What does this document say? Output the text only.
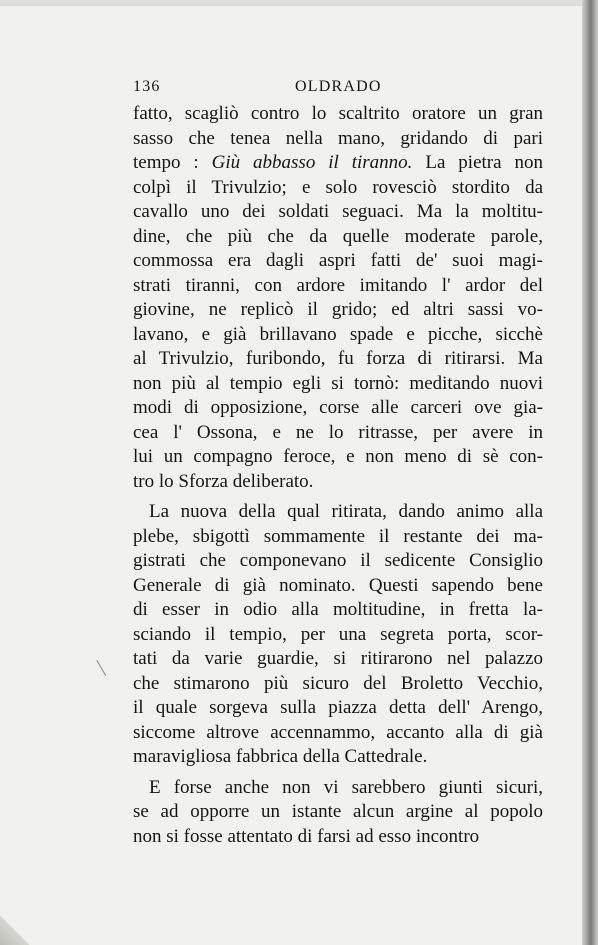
136	OLDRADO
fatto, scagliò contro lo scaltrito oratore un gran
sasso che tenea nella mano, gridando di pari
tempo : Giù abbasso il tiranno. La pietra non
colpì il Trivulzio; e solo rovesciò stordito da
cavallo uno dei soldati seguaci. Ma la moltitu-
dine, che più che da quelle moderate parole,
commossa era dagli aspri fatti de' suoi magi-
strati tiranni, con ardore imitando l' ardor del
giovine, ne replicò il grido; ed altri sassi vo-
lavano, e già brillavano spade e picche, sicchè
al Trivulzio, furibondo, fu forza di ritirarsi. Ma
non più al tempio egli si tornò: meditando nuovi
modi di opposizione, corse alle carceri ove gia-
cea l' Ossona, e ne lo ritrasse, per avere in
lui un compagno feroce, e non meno di sè con-
tro lo Sforza deliberato.
La nuova della qual ritirata, dando animo alla
plebe, sbigottì sommamente il restante dei ma-
gistrati che componevano il sedicente Consiglio
Generale di già nominato. Questi sapendo bene
di esser in odio alla moltitudine, in fretta la-
sciando il tempio, per una segreta porta, scor-
tati da varie guardie, si ritirarono nel palazzo
che stimarono più sicuro del Broletto Vecchio,
il quale sorgeva sulla piazza detta dell' Arengo,
siccome altrove accennammo, accanto alla di già
maravigliosa fabbrica della Cattedrale.
E forse anche non vi sarebbero giunti sicuri,
se ad opporre un istante alcun argine al popolo
non si fosse attentato di farsi ad esso incontro
